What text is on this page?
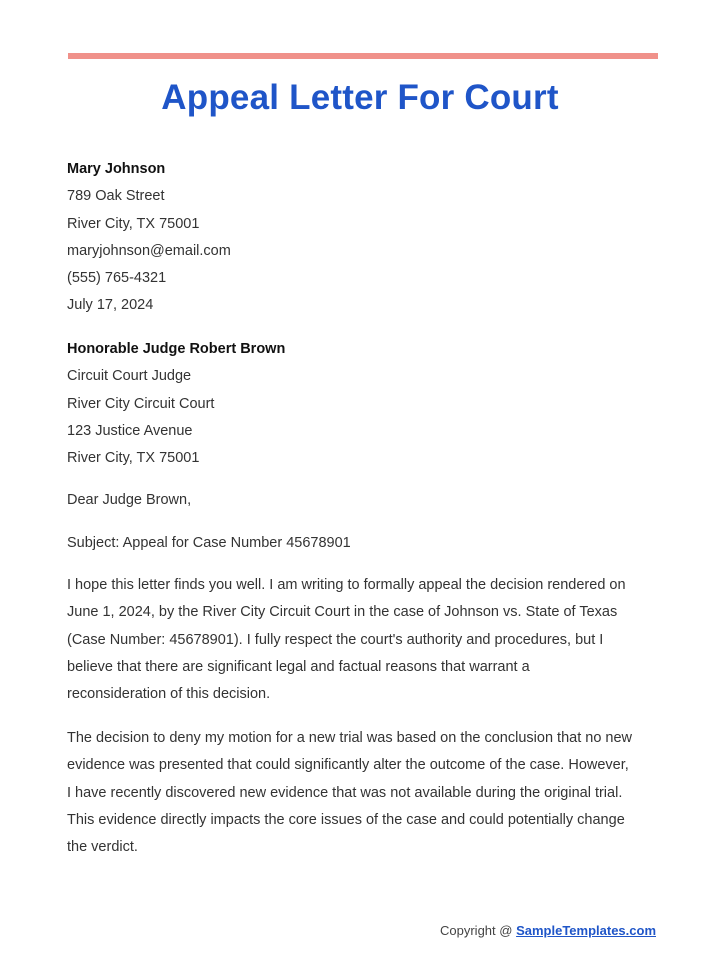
Appeal Letter For Court
Mary Johnson
789 Oak Street
River City, TX 75001
maryjohnson@email.com
(555) 765-4321
July 17, 2024
Honorable Judge Robert Brown
Circuit Court Judge
River City Circuit Court
123 Justice Avenue
River City, TX 75001
Dear Judge Brown,
Subject: Appeal for Case Number 45678901

I hope this letter finds you well. I am writing to formally appeal the decision rendered on
June 1, 2024, by the River City Circuit Court in the case of Johnson vs. State of Texas
(Case Number: 45678901). I fully respect the court's authority and procedures, but I
believe that there are significant legal and factual reasons that warrant a
reconsideration of this decision.

The decision to deny my motion for a new trial was based on the conclusion that no new
evidence was presented that could significantly alter the outcome of the case. However,
I have recently discovered new evidence that was not available during the original trial.
This evidence directly impacts the core issues of the case and could potentially change
the verdict.

Copyright @ SampleTemplates.com
